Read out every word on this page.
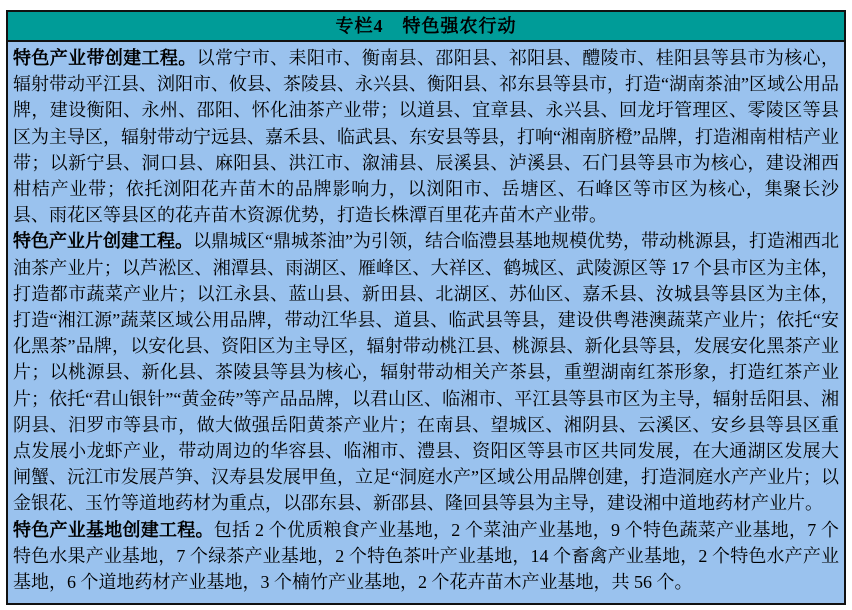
专栏4　特色强农行动

特色产业带创建工程。以常宁市、耒阳市、衡南县、邵阳县、祁阳县、醴陵市、桂阳县等县市为核心，辐射带动平江县、浏阳市、攸县、茶陵县、永兴县、衡阳县、祁东县等县市，打造“湖南茶油”区域公用品牌，建设衡阳、永州、邵阳、怀化油茶产业带；以道县、宜章县、永兴县、回龙圩管理区、零陵区等县区为主导区，辐射带动宁远县、嘉禾县、临武县、东安县等县，打响“湘南脐橙”品牌，打造湘南柑桔产业带；以新宁县、洞口县、麻阳县、洪江市、溆浦县、辰溪县、泸溪县、石门县等县市为核心，建设湘西柑桔产业带；依托浏阳花卉苗木的品牌影响力，以浏阳市、岳塘区、石峰区等市区为核心，集聚长沙县、雨花区等县区的花卉苗木资源优势，打造长株潭百里花卉苗木产业带。

特色产业片创建工程。以鼎城区“鼎城茶油”为引领，结合临澧县基地规模优势，带动桃源县，打造湘西北油茶产业片；以芦淞区、湘潭县、雨湖区、雁峰区、大祥区、鹤城区、武陵源区等 17 个县市区为主体，打造都市蔬菜产业片；以江永县、蓝山县、新田县、北湖区、苏仙区、嘉禾县、汝城县等县区为主体，打造“湘江源”蔬菜区域公用品牌，带动江华县、道县、临武县等县，建设供粤港澳蔬菜产业片；依托“安化黑茶”品牌，以安化县、资阳区为主导区，辐射带动桃江县、桃源县、新化县等县，发展安化黑茶产业片；以桃源县、新化县、茶陵县等县为核心，辐射带动相关产茶县，重塑湖南红茶形象，打造红茶产业片；依托“君山银针”“黄金砖”等产品品牌，以君山区、临湘市、平江县等县市区为主导，辐射岳阳县、湘阴县、汨罗市等县市，做大做强岳阳黄茶产业片；在南县、望城区、湘阴县、云溪区、安乡县等县区重点发展小龙虾产业，带动周边的华容县、临湘市、澧县、资阳区等县市区共同发展，在大通湖区发展大闸蟹、沅江市发展芦笋、汉寿县发展甲鱼，立足“洞庭水产”区域公用品牌创建，打造洞庭水产产业片；以金银花、玉竹等道地药材为重点，以邵东县、新邵县、隆回县等县为主导，建设湘中道地药材产业片。

特色产业基地创建工程。包括 2 个优质粮食产业基地，2 个菜油产业基地，9 个特色蔬菜产业基地，7 个特色水果产业基地，7 个绿茶产业基地，2 个特色茶叶产业基地，14 个畜禽产业基地，2 个特色水产产业基地，6 个道地药材产业基地，3 个楠竹产业基地，2 个花卉苗木产业基地，共 56 个。
